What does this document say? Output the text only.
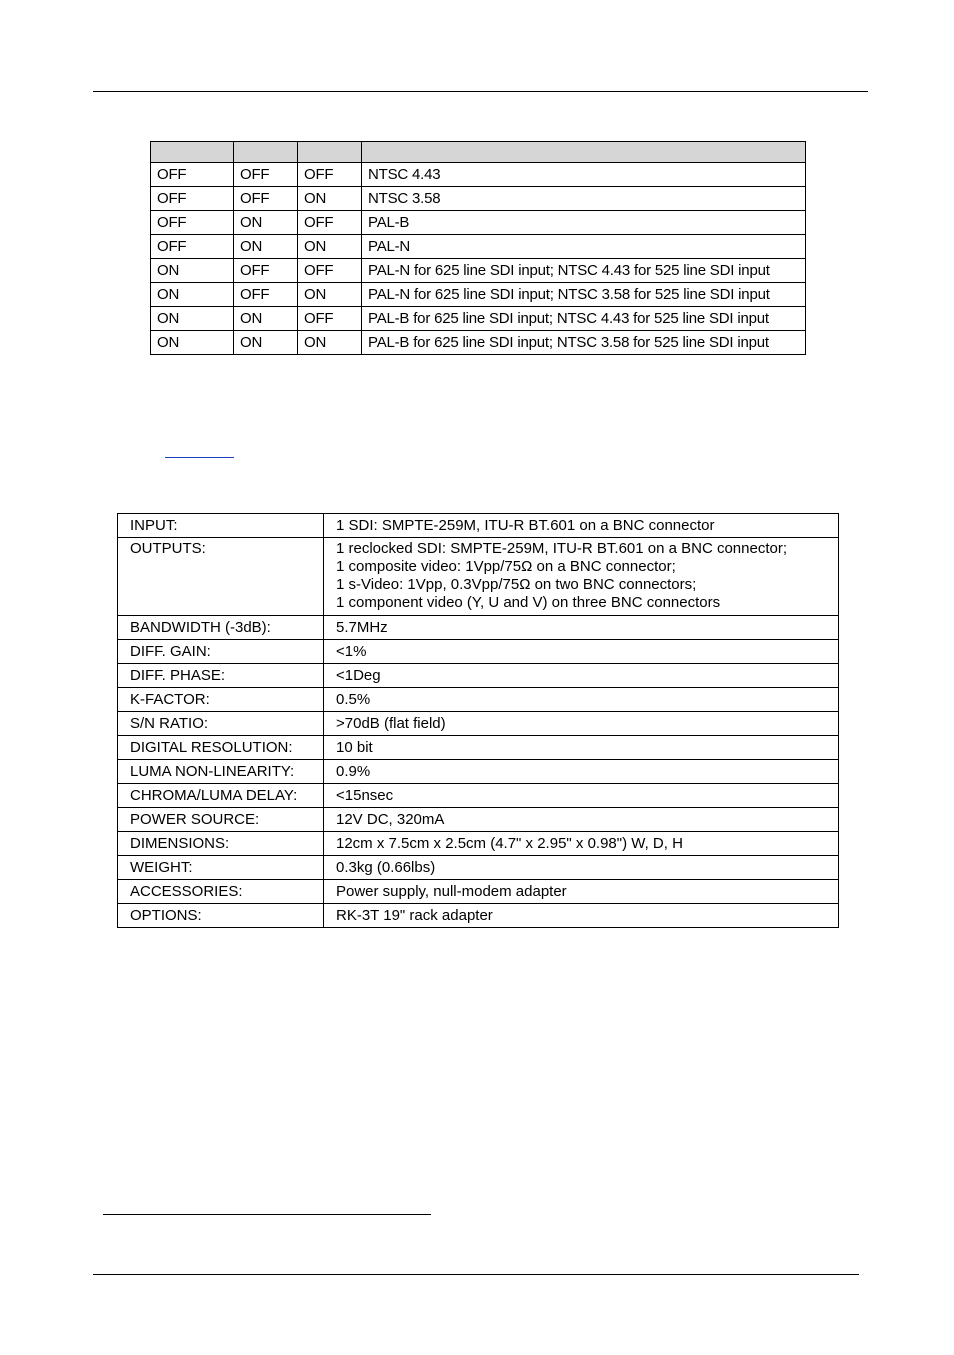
OFF	OFF	OFF	NTSC 4.43
OFF	OFF	ON	NTSC 3.58
OFF	ON	OFF	PAL-B
OFF	ON	ON	PAL-N
ON	OFF	OFF	PAL-N for 625 line SDI input; NTSC 4.43 for 525 line SDI input
ON	OFF	ON	PAL-N for 625 line SDI input; NTSC 3.58 for 525 line SDI input
ON	ON	OFF	PAL-B for 625 line SDI input; NTSC 4.43 for 525 line SDI input
ON	ON	ON	PAL-B for 625 line SDI input; NTSC 3.58 for 525 line SDI input
INPUT:	1 SDI: SMPTE-259M, ITU-R BT.601 on a BNC connector
OUTPUTS:	1 reclocked SDI: SMPTE-259M, ITU-R BT.601 on a BNC connector;
1 composite video: 1Vpp/75Ω on a BNC connector;
1 s-Video: 1Vpp, 0.3Vpp/75Ω on two BNC connectors;
1 component video (Y, U and V) on three BNC connectors

BANDWIDTH (-3dB):	5.7MHz
DIFF. GAIN:	<1%
DIFF. PHASE:	<1Deg
K-FACTOR:	0.5%
S/N RATIO:	>70dB (flat field)
DIGITAL RESOLUTION:	10 bit
LUMA NON-LINEARITY:	0.9%
CHROMA/LUMA DELAY:	<15nsec
POWER SOURCE:	12V DC, 320mA
DIMENSIONS:	12cm x 7.5cm x 2.5cm (4.7" x 2.95" x 0.98") W, D, H
WEIGHT:	0.3kg (0.66lbs)
ACCESSORIES:	Power supply, null-modem adapter
OPTIONS:	RK-3T 19" rack adapter
